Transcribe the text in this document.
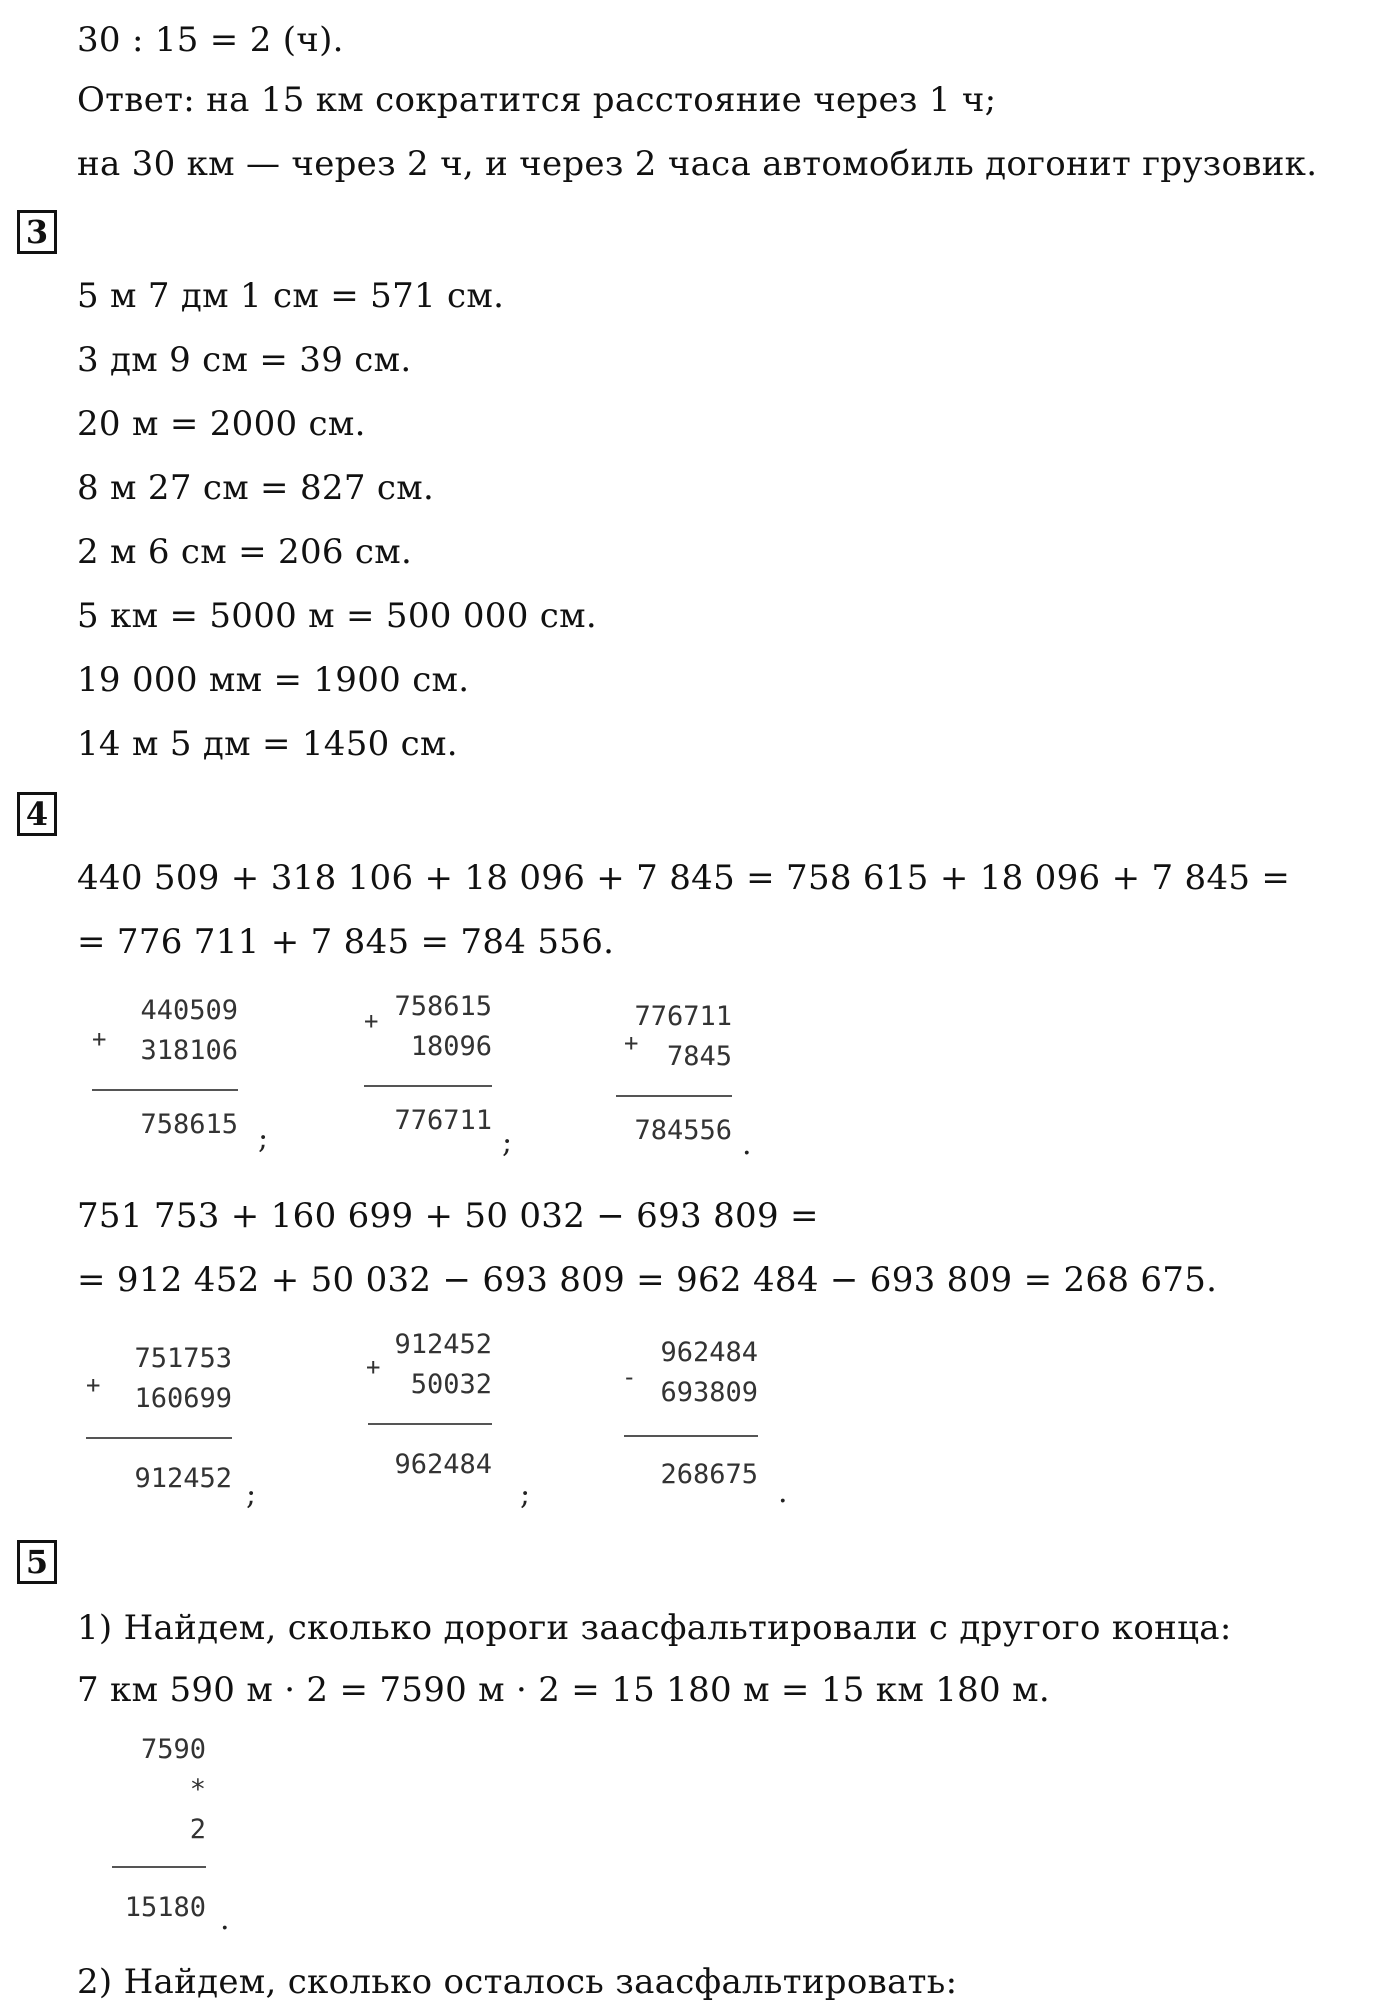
30 : 15 = 2 (ч).
Ответ: на 15 км сократится расстояние через 1 ч;
на 30 км — через 2 ч, и через 2 часа автомобиль догонит грузовик.
3
5 м 7 дм 1 см = 571 см.
3 дм 9 см = 39 см.
20 м = 2000 см.
8 м 27 см = 827 см.
2 м 6 см = 206 см.
5 км = 5000 м = 500 000 см.
19 000 мм = 1900 см.
14 м 5 дм = 1450 см.
4
440 509 + 318 106 + 18 096 + 7 845 = 758 615 + 18 096 + 7 845 =
= 776 711 + 7 845 = 784 556.
+
440509
318106
758615 ;
+ 758615
18096
776711
;
+
776711
7845
784556 .
751 753 + 160 699 + 50 032 − 693 809 =
= 912 452 + 50 032 − 693 809 = 962 484 − 693 809 = 268 675.
+
751753
160699
912452 ;
+
912452
50032
962484
;
-
962484
693809
268675
.
5
1) Найдем, сколько дороги заасфальтировали с другого конца:
7 км 590 м · 2 = 7590 м · 2 = 15 180 м = 15 км 180 м.
7590
*
2
15180 .
2) Найдем, сколько осталось заасфальтировать:
